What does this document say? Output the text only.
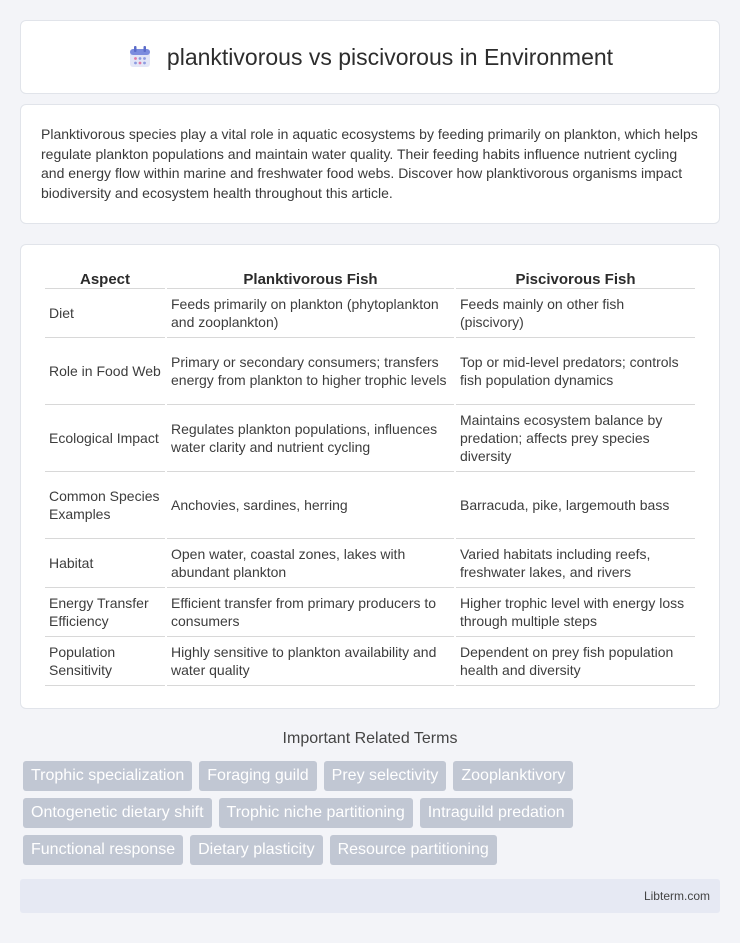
planktivorous vs piscivorous in Environment

Planktivorous species play a vital role in aquatic ecosystems by feeding primarily on plankton, which helps regulate plankton populations and maintain water quality. Their feeding habits influence nutrient cycling and energy flow within marine and freshwater food webs. Discover how planktivorous organisms impact biodiversity and ecosystem health throughout this article.

Aspect	Planktivorous Fish	Piscivorous Fish
Diet	Feeds primarily on plankton (phytoplankton and zooplankton)	Feeds mainly on other fish (piscivory)
Role in Food Web	Primary or secondary consumers; transfers energy from plankton to higher trophic levels	Top or mid-level predators; controls fish population dynamics
Ecological Impact	Regulates plankton populations, influences water clarity and nutrient cycling	Maintains ecosystem balance by predation; affects prey species diversity
Common Species Examples	Anchovies, sardines, herring	Barracuda, pike, largemouth bass
Habitat	Open water, coastal zones, lakes with abundant plankton	Varied habitats including reefs, freshwater lakes, and rivers
Energy Transfer Efficiency	Efficient transfer from primary producers to consumers	Higher trophic level with energy loss through multiple steps
Population Sensitivity	Highly sensitive to plankton availability and water quality	Dependent on prey fish population health and diversity
Important Related Terms
Trophic specialization	Foraging guild	Prey selectivity	Zooplanktivory
Ontogenetic dietary shift	Trophic niche partitioning	Intraguild predation
Functional response	Dietary plasticity	Resource partitioning
Libterm.com
